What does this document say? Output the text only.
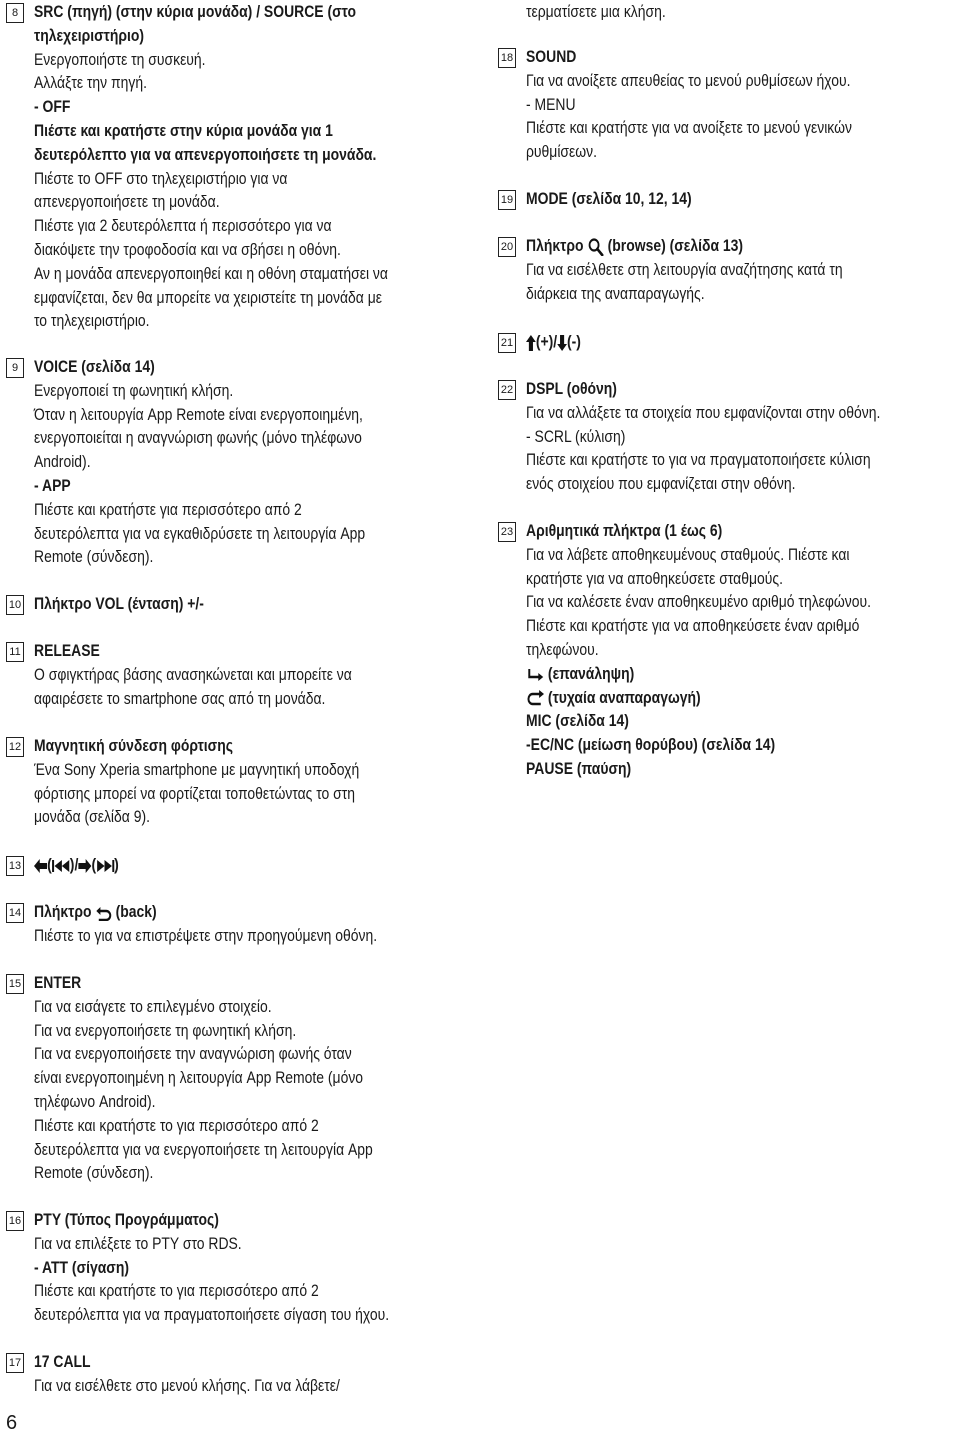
8 SRC (πηγή) (στην κύρια μονάδα) / SOURCE (στο
τηλεχειριστήριο)
Ενεργοποιήστε τη συσκευή.
Αλλάξτε την πηγή.
- OFF
Πιέστε και κρατήστε στην κύρια μονάδα για 1
δευτερόλεπτο για να απενεργοποιήσετε τη μονάδα.
Πιέστε το OFF στο τηλεχειριστήριο για να
απενεργοποιήσετε τη μονάδα.
Πιέστε για 2 δευτερόλεπτα ή περισσότερο για να
διακόψετε την τροφοδοσία και να σβήσει η οθόνη.
Αν η μονάδα απενεργοποιηθεί και η οθόνη σταματήσει να
εμφανίζεται, δεν θα μπορείτε να χειριστείτε τη μονάδα με
το τηλεχειριστήριο.
9 VOICE (σελίδα 14)
Ενεργοποιεί τη φωνητική κλήση.
Όταν η λειτουργία App Remote είναι ενεργοποιημένη,
ενεργοποιείται η αναγνώριση φωνής (μόνο τηλέφωνο
Android).
- APP
Πιέστε και κρατήστε για περισσότερο από 2
δευτερόλεπτα για να εγκαθιδρύσετε τη λειτουργία App
Remote (σύνδεση).
10 Πλήκτρο VOL (ένταση) +/-
11 RELEASE
Ο σφιγκτήρας βάσης ανασηκώνεται και μπορείτε να
αφαιρέσετε το smartphone σας από τη μονάδα.
12 Μαγνητική σύνδεση φόρτισης
Ένα Sony Xperia smartphone με μαγνητική υποδοχή
φόρτισης μπορεί να φορτίζεται τοποθετώντας το στη
μονάδα (σελίδα 9).
13	( )/ ( )
14 Πλήκτρο (back)
Πιέστε το για να επιστρέψετε στην προηγούμενη οθόνη.
15 ENTER
Για να εισάγετε το επιλεγμένο στοιχείο.
Για να ενεργοποιήσετε τη φωνητική κλήση.
Για να ενεργοποιήσετε την αναγνώριση φωνής όταν
είναι ενεργοποιημένη η λειτουργία App Remote (μόνο
τηλέφωνο Android).
Πιέστε και κρατήστε το για περισσότερο από 2
δευτερόλεπτα για να ενεργοποιήσετε τη λειτουργία App
Remote (σύνδεση).
16 PTY (Τύπος Προγράμματος)
Για να επιλέξετε το PTY στο RDS.
- ATT (σίγαση)
Πιέστε και κρατήστε το για περισσότερο από 2
δευτερόλεπτα για να πραγματοποιήσετε σίγαση του ήχου.
17 17 CALL
Για να εισέλθετε στο μενού κλήσης. Για να λάβετε/
τερματίσετε μια κλήση.
18 SOUND
Για να ανοίξετε απευθείας το μενού ρυθμίσεων ήχου.
- MENU
Πιέστε και κρατήστε για να ανοίξετε το μενού γενικών
ρυθμίσεων.
19 MODE (σελίδα 10, 12, 14)
20 Πλήκτρο (browse) (σελίδα 13)
Για να εισέλθετε στη λειτουργία αναζήτησης κατά τη
διάρκεια της αναπαραγωγής.
21	(+)/ (-)
22 DSPL (οθόνη)
Για να αλλάξετε τα στοιχεία που εμφανίζονται στην οθόνη.
- SCRL (κύλιση)
Πιέστε και κρατήστε το για να πραγματοποιήσετε κύλιση
ενός στοιχείου που εμφανίζεται στην οθόνη.
23 Αριθμητικά πλήκτρα (1 έως 6)
Για να λάβετε αποθηκευμένους σταθμούς. Πιέστε και
κρατήστε για να αποθηκεύσετε σταθμούς.
Για να καλέσετε έναν αποθηκευμένο αριθμό τηλεφώνου.
Πιέστε και κρατήστε για να αποθηκεύσετε έναν αριθμό
τηλεφώνου.
(επανάληψη)
(τυχαία αναπαραγωγή)
MIC (σελίδα 14)
-EC/NC (μείωση θορύβου) (σελίδα 14)
PAUSE (παύση)
6
